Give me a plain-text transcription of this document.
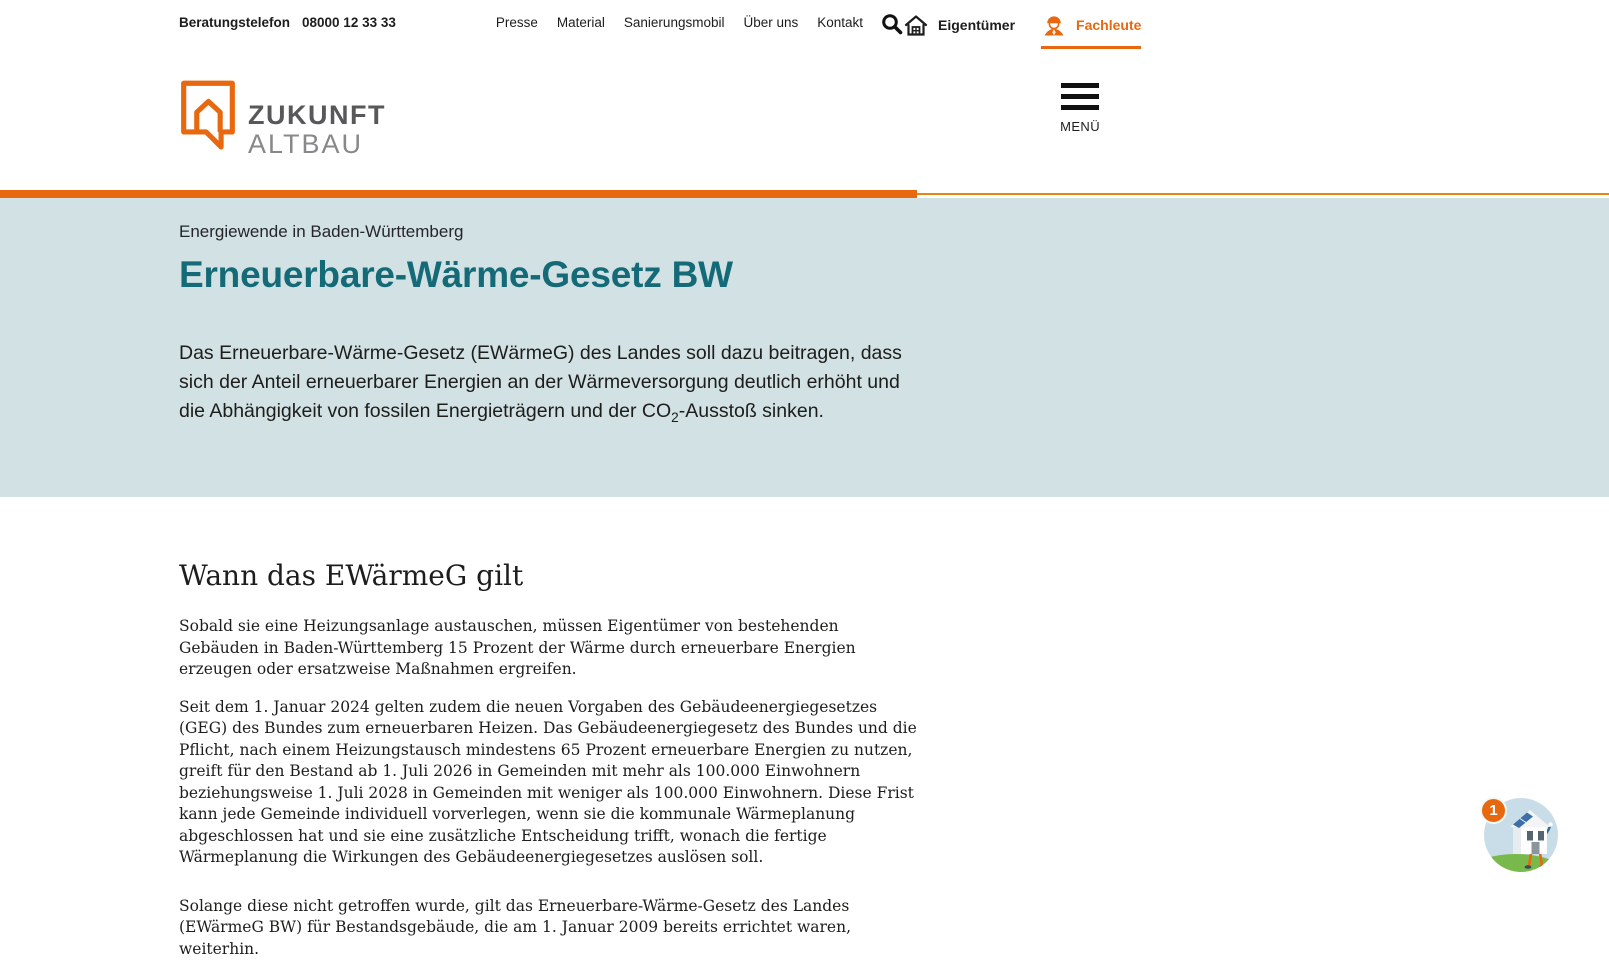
Beratungstelefon 08000 12 33 33	Presse Material Sanierungsmobil Über uns Kontakt	Eigentümer	Fachleute
ZUKUNFT
ALTBAU
MENÜ

Energiewende in Baden-Württemberg

Erneuerbare-Wärme-Gesetz BW

Das Erneuerbare-Wärme-Gesetz (EWärmeG) des Landes soll dazu beitragen, dass sich der Anteil erneuerbarer Energien an der Wärmeversorgung deutlich erhöht und die Abhängigkeit von fossilen Energieträgern und der $CO_2$-Ausstoß sinken.

Wann das EWärmeG gilt

Sobald sie eine Heizungsanlage austauschen, müssen Eigentümer von bestehenden Gebäuden in Baden-Württemberg 15 Prozent der Wärme durch erneuerbare Energien erzeugen oder ersatzweise Maßnahmen ergreifen.

Seit dem 1. Januar 2024 gelten zudem die neuen Vorgaben des Gebäudeenergiegesetzes (GEG) des Bundes zum erneuerbaren Heizen. Das Gebäudeenergiegesetz des Bundes und die Pflicht, nach einem Heizungstausch mindestens 65 Prozent erneuerbare Energien zu nutzen, greift für den Bestand ab 1. Juli 2026 in Gemeinden mit mehr als 100.000 Einwohnern beziehungsweise 1. Juli 2028 in Gemeinden mit weniger als 100.000 Einwohnern. Diese Frist kann jede Gemeinde individuell vorverlegen, wenn sie die kommunale Wärmeplanung abgeschlossen hat und sie eine zusätzliche Entscheidung trifft, wonach die fertige Wärmeplanung die Wirkungen des Gebäudeenergiegesetzes auslösen soll.

Solange diese nicht getroffen wurde, gilt das Erneuerbare-Wärme-Gesetz des Landes (EWärmeG BW) für Bestandsgebäude, die am 1. Januar 2009 bereits errichtet waren, weiterhin.

1
